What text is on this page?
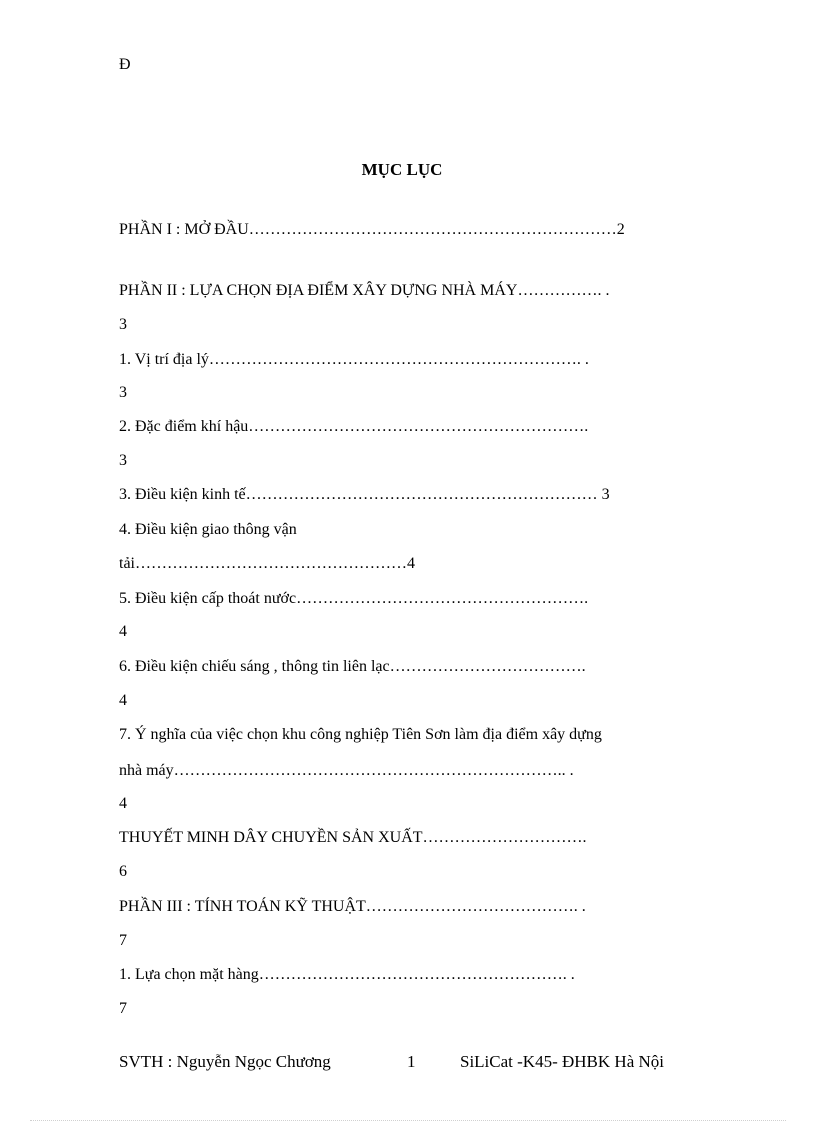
Đ
MỤC LỤC
PHẦN I : MỞ ĐẦU……………………………………………………………2
PHẦN II : LỰA CHỌN ĐỊA ĐIỂM XÂY DỰNG NHÀ MÁY……………. .
3
1. Vị trí địa lý……………………………………………………………. .
3
2. Đặc điểm khí hậu……………………………………………………….
3
3. Điều kiện kinh tế………………………………………………………… 3
4. Điều kiện giao thông vận
tải……………………………………………4
5. Điều kiện cấp thoát nước……………………………………………….
4
6. Điều kiện chiếu sáng , thông tin liên lạc……………………………….
4
7. Ý nghĩa của việc chọn khu công nghiệp Tiên Sơn làm địa điểm xây dựng
nhà máy……………………………………………………………….. .
4
THUYẾT MINH DÂY CHUYỀN SẢN XUẤT………………………….
6
PHẦN III : TÍNH TOÁN KỸ THUẬT…………………………………. .
7
1. Lựa chọn mặt hàng…………………………………………………. .
7
SVTH : Nguyễn Ngọc Chương	1	SiLiCat -K45- ĐHBK Hà Nội
